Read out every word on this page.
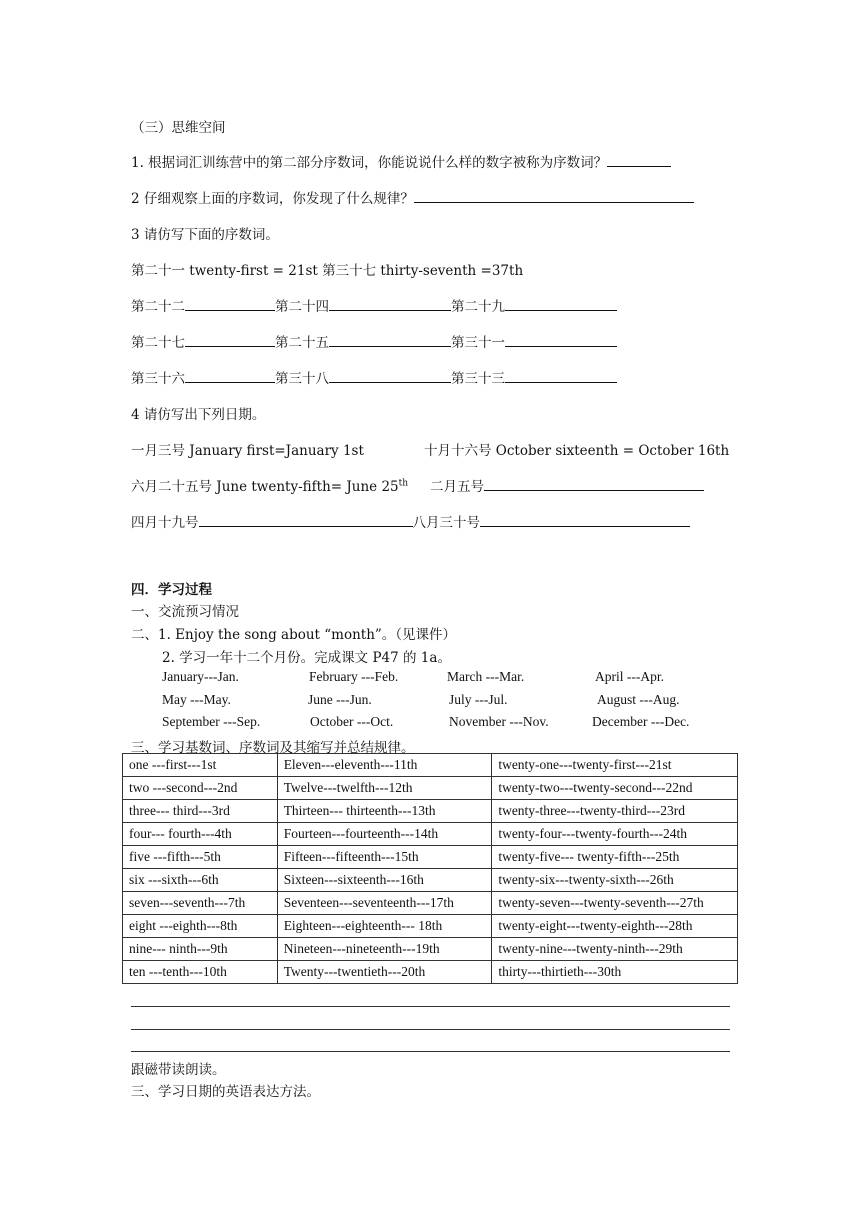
（三）思维空间
1. 根据词汇训练营中的第二部分序数词，你能说说什么样的数字被称为序数词？
2 仔细观察上面的序数词，你发现了什么规律？
3 请仿写下面的序数词。
第二十一 twenty-first = 21st 第三十七 thirty-seventh =37th
第二十二	第二十四	第二十九
第二十七	第二十五	第三十一
第三十六	第三十八	第三十三
4 请仿写出下列日期。
一月三号 January first=January 1st	十月十六号 October sixteenth = October 16th
六月二十五号 June twenty-fifth= June 25th 二月五号
四月十九号	八月三十号
四．学习过程
一、交流预习情况
二、1. Enjoy the song about “month”。（见课件）
2. 学习一年十二个月份。完成课文 P47 的 1a。
January---Jan.	February ---Feb.	March ---Mar.	April ---Apr.
May ---May.	June ---Jun.	July ---Jul.	August ---Aug.
September ---Sep.	October ---Oct.	November ---Nov.	December ---Dec.
三、学习基数词、序数词及其缩写并总结规律。
one ---first---1st	Eleven---eleventh---11th	twenty-one---twenty-first---21st
two ---second---2nd	Twelve---twelfth---12th	twenty-two---twenty-second---22nd
three--- third---3rd	Thirteen--- thirteenth---13th	twenty-three---twenty-third---23rd
four--- fourth---4th	Fourteen---fourteenth---14th	twenty-four---twenty-fourth---24th
five ---fifth---5th	Fifteen---fifteenth---15th	twenty-five--- twenty-fifth---25th
six ---sixth---6th	Sixteen---sixteenth---16th	twenty-six---twenty-sixth---26th
seven---seventh---7th	Seventeen---seventeenth---17th	twenty-seven---twenty-seventh---27th
eight ---eighth---8th	Eighteen---eighteenth--- 18th	twenty-eight---twenty-eighth---28th
nine--- ninth---9th	Nineteen---nineteenth---19th	twenty-nine---twenty-ninth---29th
ten ---tenth---10th	Twenty---twentieth---20th	thirty---thirtieth---30th
跟磁带读朗读。
三、学习日期的英语表达方法。
